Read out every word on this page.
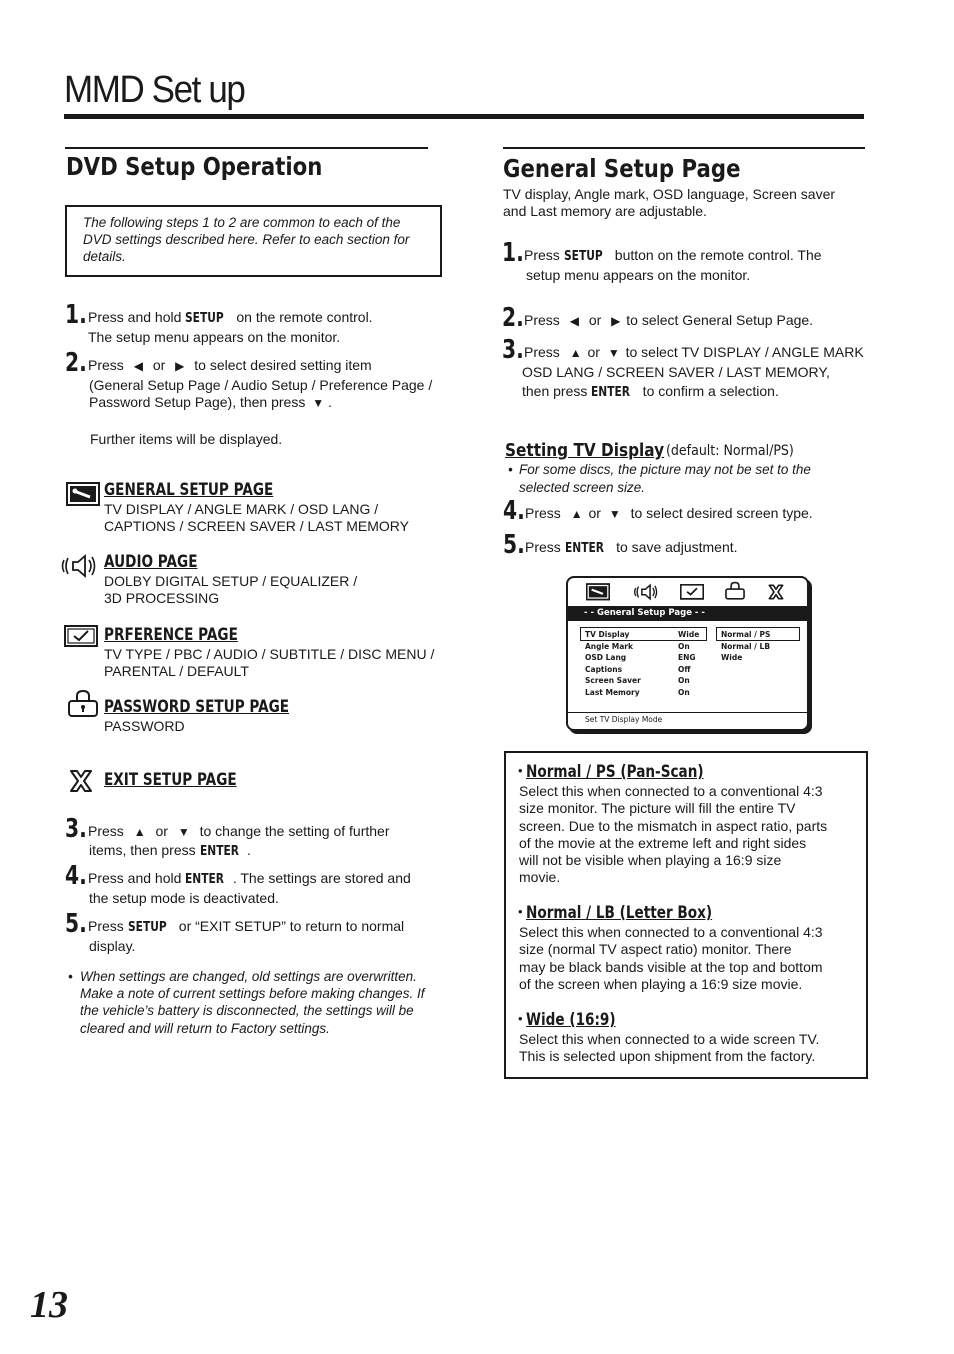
MMD Set up
DVD Setup Operation
The following steps 1 to 2 are common to each of the DVD settings described here. Refer to each section for details.
1. Press and hold SETUP on the remote control.
The setup menu appears on the monitor.
2. Press ◀ or ▶ to select desired setting item
(General Setup Page / Audio Setup / Preference Page /
Password Setup Page), then press ▼ .
Further items will be displayed.
GENERAL SETUP PAGE
TV DISPLAY / ANGLE MARK / OSD LANG /
CAPTIONS / SCREEN SAVER / LAST MEMORY
AUDIO PAGE
DOLBY DIGITAL SETUP / EQUALIZER /
3D PROCESSING
PRFERENCE PAGE
TV TYPE / PBC / AUDIO / SUBTITLE / DISC MENU /
PARENTAL / DEFAULT
PASSWORD SETUP PAGE
PASSWORD
EXIT SETUP PAGE
3. Press ▲ or ▼ to change the setting of further
items, then press ENTER .
4. Press and hold ENTER . The settings are stored and
the setup mode is deactivated.
5. Press SETUP or “EXIT SETUP” to return to normal
display.
• When settings are changed, old settings are overwritten. Make a note of current settings before making changes. If the vehicle’s battery is disconnected, the settings will be cleared and will return to Factory settings.
General Setup Page
TV display, Angle mark, OSD language, Screen saver
and Last memory are adjustable.
1. Press SETUP button on the remote control. The
setup menu appears on the monitor.
2. Press ◀ or ▶ to select General Setup Page.
3. Press ▲ or ▼ to select TV DISPLAY / ANGLE MARK
OSD LANG / SCREEN SAVER / LAST MEMORY,
then press ENTER to confirm a selection.
Setting TV Display (default: Normal/PS)
• For some discs, the picture may not be set to the selected screen size.
4. Press ▲ or ▼ to select desired screen type.
5. Press ENTER to save adjustment.
- - General Setup Page - -
TV Display	Wide
Angle Mark	On
OSD Lang	ENG
Captions	Off
Screen Saver	On
Last Memory	On
Normal / PS
Normal / LB
Wide
Set TV Display Mode
• Normal / PS (Pan-Scan)
Select this when connected to a conventional 4:3
size monitor. The picture will fill the entire TV
screen. Due to the mismatch in aspect ratio, parts
of the movie at the extreme left and right sides
will not be visible when playing a 16:9 size
movie.
• Normal / LB (Letter Box)
Select this when connected to a conventional 4:3
size (normal TV aspect ratio) monitor. There
may be black bands visible at the top and bottom
of the screen when playing a 16:9 size movie.
• Wide (16:9)
Select this when connected to a wide screen TV.
This is selected upon shipment from the factory.
13
